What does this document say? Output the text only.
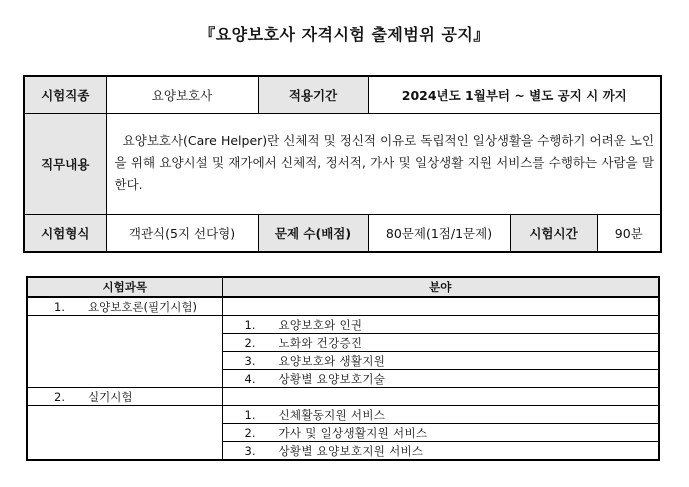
『요양보호사 자격시험 출제범위 공지』
시험직종	요양보호사	적용기간	2024년도 1월부터 ~ 별도 공지 시 까지		
직무내용	요양보호사(Care Helper)란 신체적 및 정신적 이유로 독립적인 일상생활을 수행하기 어려운 노인을 위해 요양시설 및 재가에서 신체적, 정서적, 가사 및 일상생활 지원 서비스를 수행하는 사람을 말한다.				
시험형식	객관식(5지 선다형)	문제 수(배점)	80문제(1점/1문제)	시험시간	90분
시험과목	분야
1. 요양보호론(필기시험)	
	1. 요양보호와 인권
	2. 노화와 건강증진
	3. 요양보호와 생활지원
	4. 상황별 요양보호기술
2. 실기시험	
	1. 신체활동지원 서비스
	2. 가사 및 일상생활지원 서비스
	3. 상황별 요양보호지원 서비스
